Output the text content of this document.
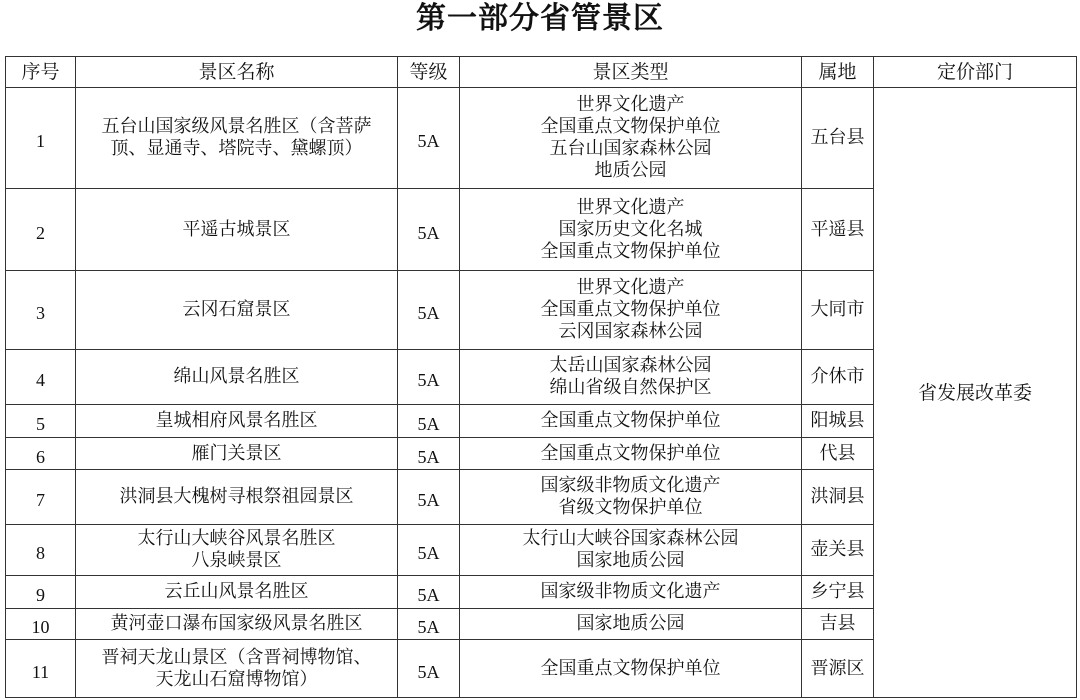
第一部分省管景区
序号	景区名称	等级	景区类型	属地	定价部门
1	五台山国家级风景名胜区（含菩萨
顶、显通寺、塔院寺、黛螺顶）	5A	世界文化遗产
全国重点文物保护单位
五台山国家森林公园
地质公园	五台县	省发展改革委
2	平遥古城景区	5A	世界文化遗产
国家历史文化名城
全国重点文物保护单位	平遥县	
3	云冈石窟景区	5A	世界文化遗产
全国重点文物保护单位
云冈国家森林公园	大同市	
4	绵山风景名胜区	5A	太岳山国家森林公园
绵山省级自然保护区	介休市	
5	皇城相府风景名胜区	5A	全国重点文物保护单位	阳城县	
6	雁门关景区	5A	全国重点文物保护单位	代县	
7	洪洞县大槐树寻根祭祖园景区	5A	国家级非物质文化遗产
省级文物保护单位	洪洞县	
8	太行山大峡谷风景名胜区
八泉峡景区	5A	太行山大峡谷国家森林公园
国家地质公园	壶关县	
9	云丘山风景名胜区	5A	国家级非物质文化遗产	乡宁县	
10	黄河壶口瀑布国家级风景名胜区	5A	国家地质公园	吉县	
11	晋祠天龙山景区（含晋祠博物馆、
天龙山石窟博物馆）	5A	全国重点文物保护单位	晋源区	
